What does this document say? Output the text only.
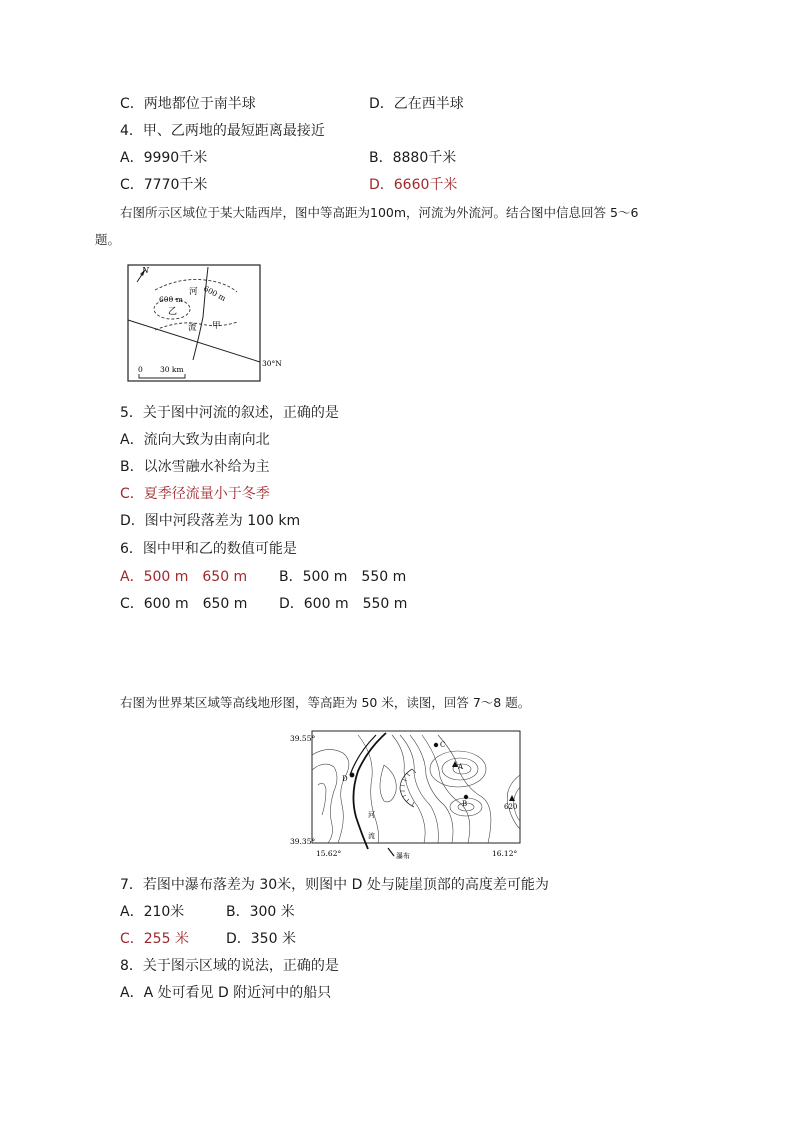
C．两地都位于南半球	D．乙在西半球
4．甲、乙两地的最短距离最接近
A．9990千米	B．8880千米
C．7770千米	D．6660千米
右图所示区域位于某大陆西岸，图中等高距为100m，河流为外流河。结合图中信息回答 5～6
题。
N
600 m
600 m
乙
甲
河
流
30°N
0 30 km
5．关于图中河流的叙述，正确的是
A．流向大致为由南向北
B．以冰雪融水补给为主
C．夏季径流量小于冬季
D．图中河段落差为 100 km
6．图中甲和乙的数值可能是
A．500 m　650 m B．500 m　550 m
C．600 m　650 m D．600 m　550 m
右图为世界某区域等高线地形图，等高距为 50 米，读图，回答 7～8 题。
39.55°
39.35°
D
C
A
B	620
河
流
瀑布
15.62°	16.12°
7．若图中瀑布落差为 30米，则图中 D 处与陡崖顶部的高度差可能为
A．210米	B．300 米
C．255 米	D．350 米
8．关于图示区域的说法，正确的是
A．A 处可看见 D 附近河中的船只
